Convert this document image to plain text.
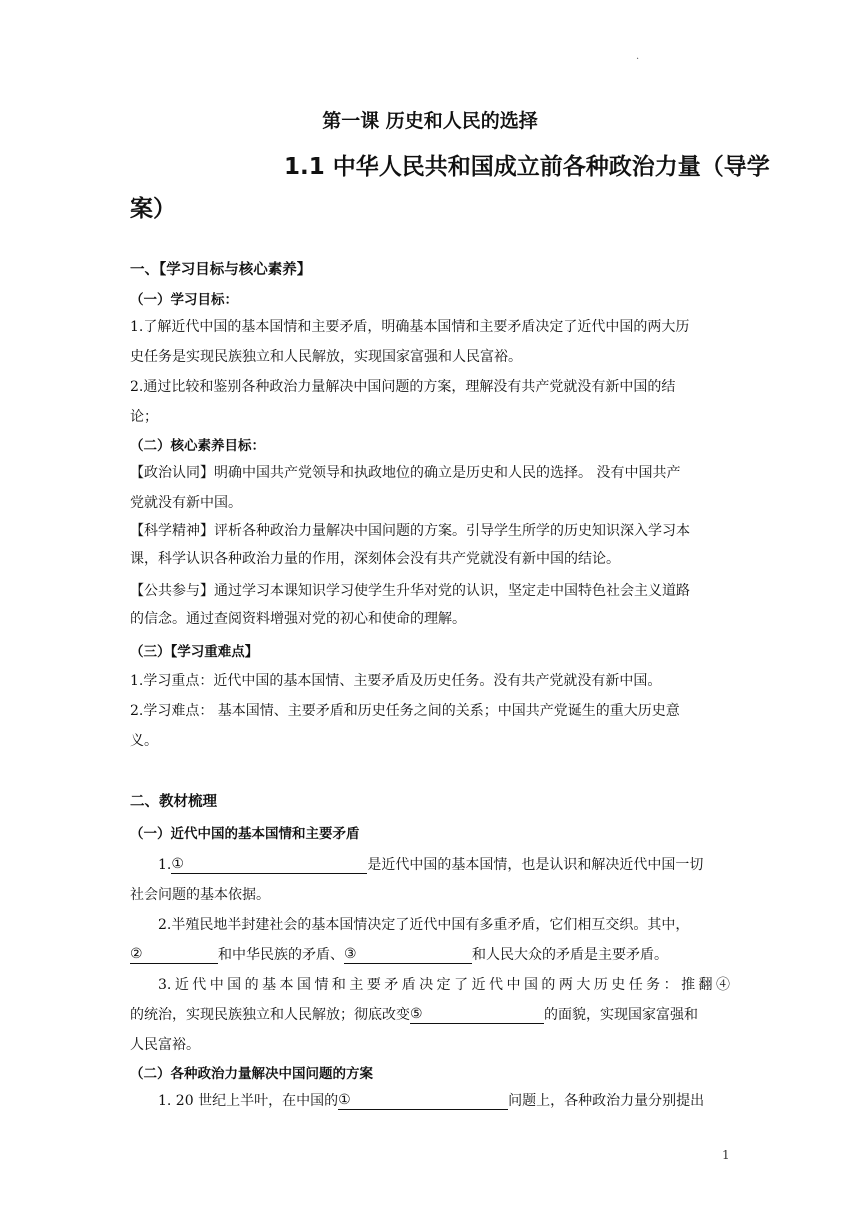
·
第一课 历史和人民的选择
1.1 中华人民共和国成立前各种政治力量（导学
案）
一、【学习目标与核心素养】
（一）学习目标：
1.了解近代中国的基本国情和主要矛盾，明确基本国情和主要矛盾决定了近代中国的两大历
史任务是实现民族独立和人民解放，实现国家富强和人民富裕。
2.通过比较和鉴别各种政治力量解决中国问题的方案，理解没有共产党就没有新中国的结
论；
（二）核心素养目标：
【政治认同】明确中国共产党领导和执政地位的确立是历史和人民的选择。 没有中国共产
党就没有新中国。
【科学精神】评析各种政治力量解决中国问题的方案。引导学生所学的历史知识深入学习本
课，科学认识各种政治力量的作用，深刻体会没有共产党就没有新中国的结论。
【公共参与】通过学习本课知识学习使学生升华对党的认识，坚定走中国特色社会主义道路
的信念。通过查阅资料增强对党的初心和使命的理解。
（三）【学习重难点】
1.学习重点：近代中国的基本国情、主要矛盾及历史任务。没有共产党就没有新中国。
2.学习难点： 基本国情、主要矛盾和历史任务之间的关系；中国共产党诞生的重大历史意
义。
二、教材梳理
（一）近代中国的基本国情和主要矛盾
1.①	是近代中国的基本国情，也是认识和解决近代中国一切
社会问题的基本依据。
2.半殖民地半封建社会的基本国情决定了近代中国有多重矛盾，它们相互交织。其中，
②	和中华民族的矛盾、③	和人民大众的矛盾是主要矛盾。
3.近代中国的基本国情和主要矛盾决定了近代中国的两大历史任务：推翻④
的统治，实现民族独立和人民解放；彻底改变⑤	的面貌，实现国家富强和
人民富裕。
（二）各种政治力量解决中国问题的方案
1. 20 世纪上半叶，在中国的①	问题上，各种政治力量分别提出
1
